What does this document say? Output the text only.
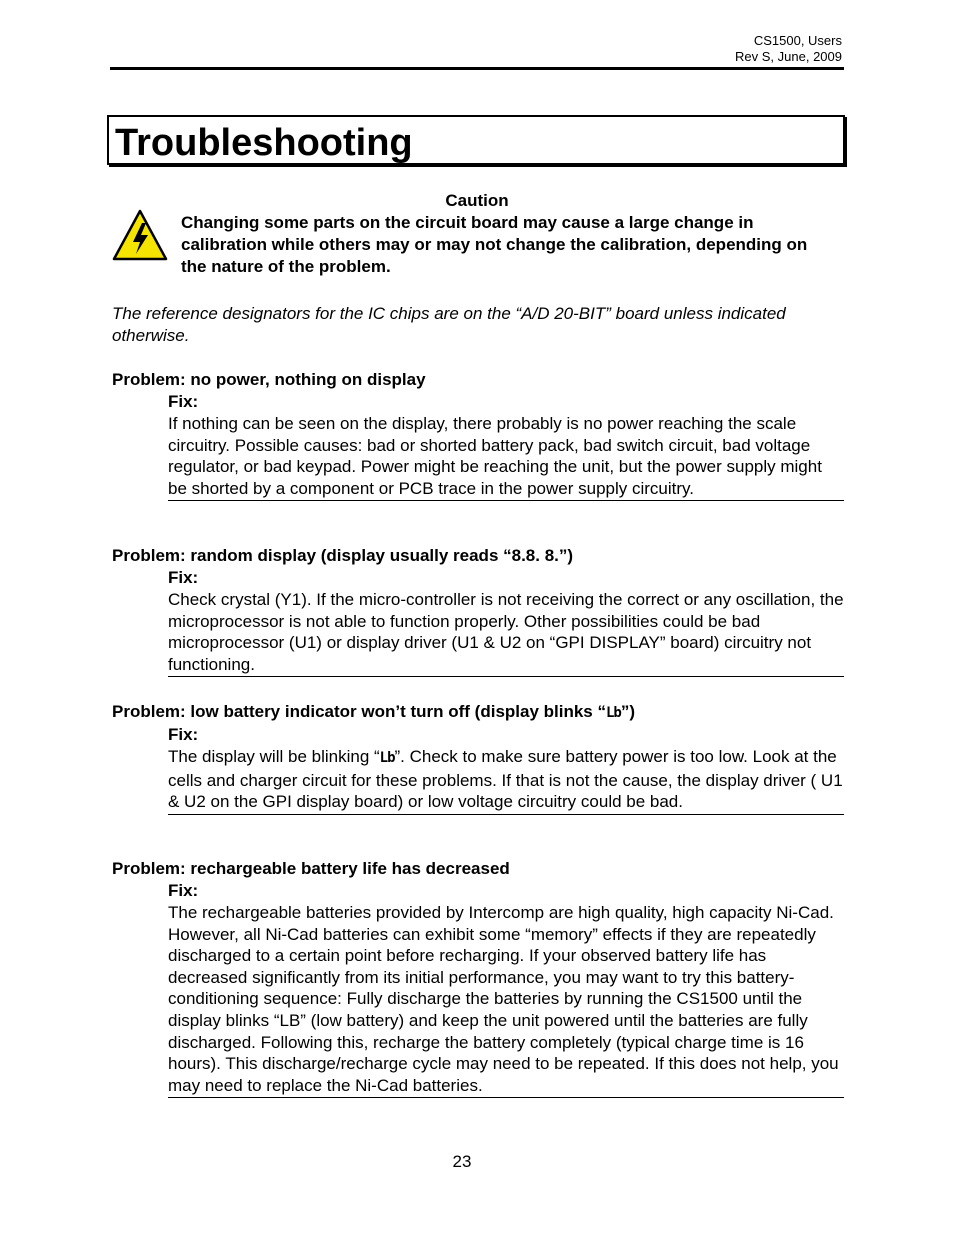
CS1500, Users
Rev S, June, 2009
Troubleshooting
Caution
Changing some parts on the circuit board may cause a large change in calibration while others may or may not change the calibration, depending on the nature of the problem.
The reference designators for the IC chips are on the “A/D 20-BIT” board unless indicated otherwise.
Problem: no power, nothing on display
Fix:
If nothing can be seen on the display, there probably is no power reaching the scale circuitry. Possible causes: bad or shorted battery pack, bad switch circuit, bad voltage regulator, or bad keypad. Power might be reaching the unit, but the power supply might be shorted by a component or PCB trace in the power supply circuitry.
Problem: random display (display usually reads “8.8. 8.”)
Fix:
Check crystal (Y1). If the micro-controller is not receiving the correct or any oscillation, the microprocessor is not able to function properly. Other possibilities could be bad microprocessor (U1) or display driver (U1 & U2 on “GPI DISPLAY” board) circuitry not functioning.
Problem: low battery indicator won’t turn off (display blinks “Lb”)
Fix:
The display will be blinking “Lb”. Check to make sure battery power is too low. Look at the cells and charger circuit for these problems. If that is not the cause, the display driver ( U1 & U2 on the GPI display board) or low voltage circuitry could be bad.
Problem: rechargeable battery life has decreased
Fix:
The rechargeable batteries provided by Intercomp are high quality, high capacity Ni-Cad. However, all Ni-Cad batteries can exhibit some “memory” effects if they are repeatedly discharged to a certain point before recharging. If your observed battery life has decreased significantly from its initial performance, you may want to try this battery-conditioning sequence: Fully discharge the batteries by running the CS1500 until the display blinks “LB” (low battery) and keep the unit powered until the batteries are fully discharged. Following this, recharge the battery completely (typical charge time is 16 hours). This discharge/recharge cycle may need to be repeated. If this does not help, you may need to replace the Ni-Cad batteries.
23
